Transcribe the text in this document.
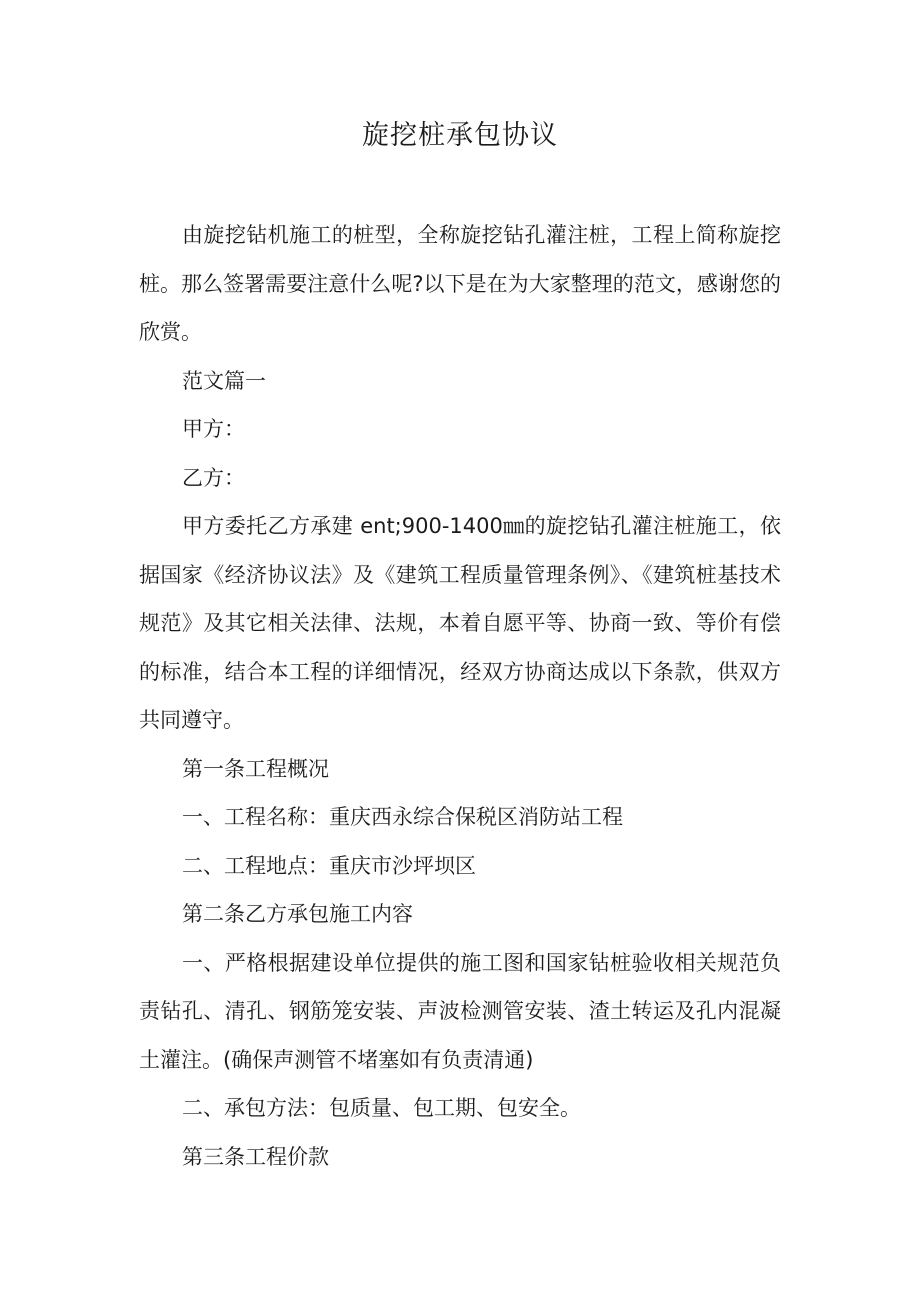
旋挖桩承包协议

由旋挖钻机施工的桩型，全称旋挖钻孔灌注桩，工程上简称旋挖桩。那么签署需要注意什么呢?以下是在为大家整理的范文，感谢您的欣赏。

范文篇一

甲方：

乙方：

甲方委托乙方承建 ent;900-1400㎜的旋挖钻孔灌注桩施工，依据国家《经济协议法》及《建筑工程质量管理条例》、《建筑桩基技术规范》及其它相关法律、法规，本着自愿平等、协商一致、等价有偿的标准，结合本工程的详细情况，经双方协商达成以下条款，供双方共同遵守。

第一条工程概况

一、工程名称：重庆西永综合保税区消防站工程

二、工程地点：重庆市沙坪坝区

第二条乙方承包施工内容

一、严格根据建设单位提供的施工图和国家钻桩验收相关规范负责钻孔、清孔、钢筋笼安装、声波检测管安装、渣土转运及孔内混凝土灌注。(确保声测管不堵塞如有负责清通)

二、承包方法：包质量、包工期、包安全。

第三条工程价款
